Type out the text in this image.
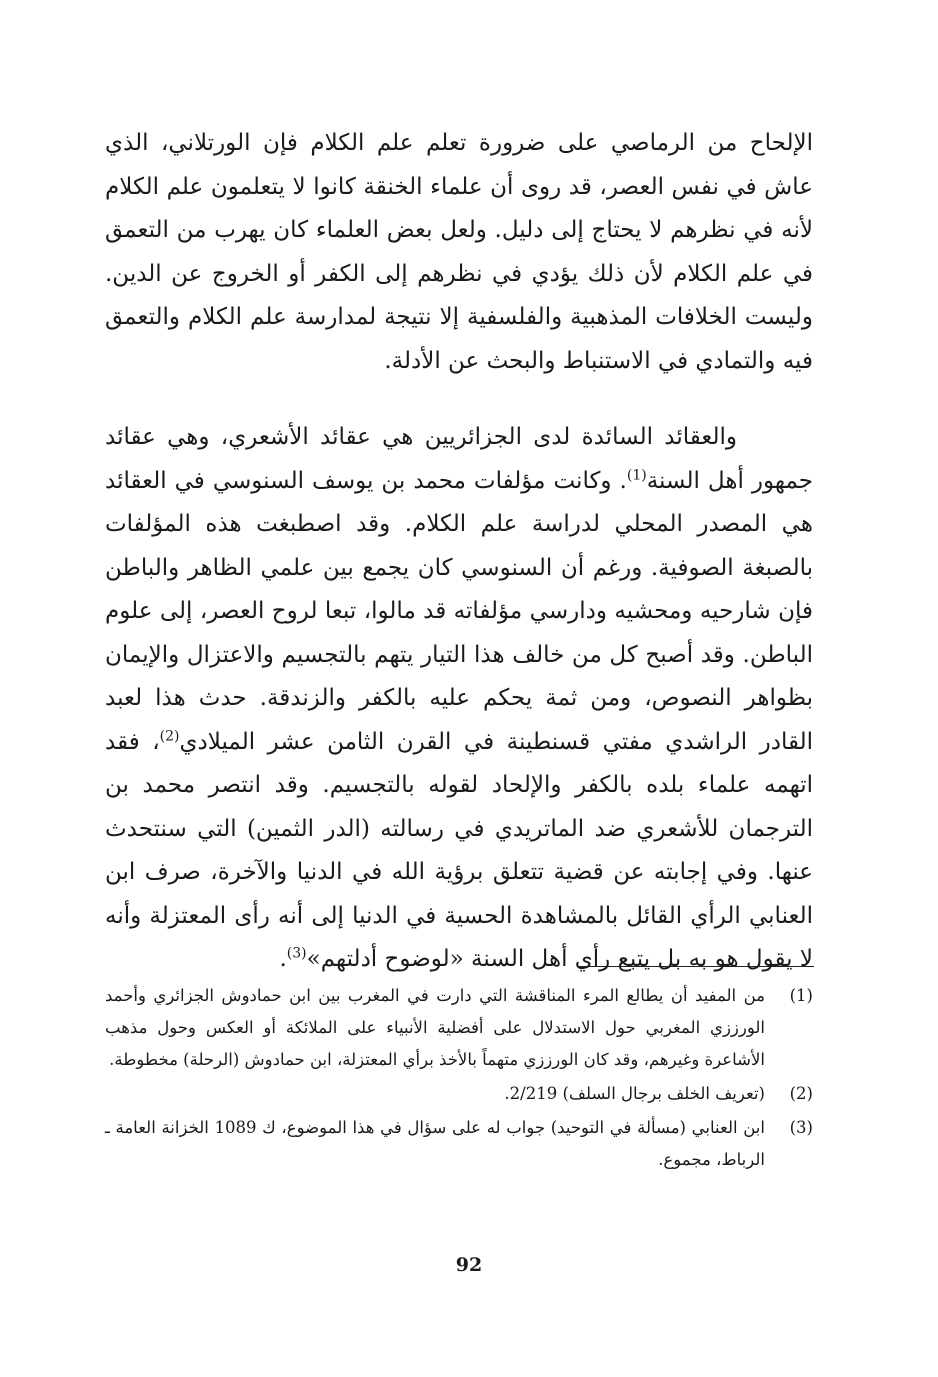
الإلحاح من الرماصي على ضرورة تعلم علم الكلام فإن الورتلاني، الذي عاش في نفس العصر، قد روى أن علماء الخنقة كانوا لا يتعلمون علم الكلام لأنه في نظرهم لا يحتاج إلى دليل. ولعل بعض العلماء كان يهرب من التعمق في علم الكلام لأن ذلك يؤدي في نظرهم إلى الكفر أو الخروج عن الدين. وليست الخلافات المذهبية والفلسفية إلا نتيجة لمدارسة علم الكلام والتعمق فيه والتمادي في الاستنباط والبحث عن الأدلة.

والعقائد السائدة لدى الجزائريين هي عقائد الأشعري، وهي عقائد جمهور أهل السنة$^{(1)}$. وكانت مؤلفات محمد بن يوسف السنوسي في العقائد هي المصدر المحلي لدراسة علم الكلام. وقد اصطبغت هذه المؤلفات بالصبغة الصوفية. ورغم أن السنوسي كان يجمع بين علمي الظاهر والباطن فإن شارحيه ومحشيه ودارسي مؤلفاته قد مالوا، تبعا لروح العصر، إلى علوم الباطن. وقد أصبح كل من خالف هذا التيار يتهم بالتجسيم والاعتزال والإيمان بظواهر النصوص، ومن ثمة يحكم عليه بالكفر والزندقة. حدث هذا لعبد القادر الراشدي مفتي قسنطينة في القرن الثامن عشر الميلادي$^{(2)}$، فقد اتهمه علماء بلده بالكفر والإلحاد لقوله بالتجسيم. وقد انتصر محمد بن الترجمان للأشعري ضد الماتريدي في رسالته (الدر الثمين) التي سنتحدث عنها. وفي إجابته عن قضية تتعلق برؤية الله في الدنيا والآخرة، صرف ابن العنابي الرأي القائل بالمشاهدة الحسية في الدنيا إلى أنه رأى المعتزلة وأنه لا يقول هو به بل يتبع رأي أهل السنة «لوضوح أدلتهم»$^{(3)}$.

(1)
من المفيد أن يطالع المرء المناقشة التي دارت في المغرب بين ابن حمادوش الجزائري وأحمد الورززي المغربي حول الاستدلال على أفضلية الأنبياء على الملائكة أو العكس وحول مذهب الأشاعرة وغيرهم، وقد كان الورززي متهماً بالأخذ برأي المعتزلة، ابن حمادوش (الرحلة) مخطوطة.
(2)
(تعريف الخلف برجال السلف) 2/219.
(3)
ابن العنابي (مسألة في التوحيد) جواب له على سؤال في هذا الموضوع، ك 1089 الخزانة العامة ـ الرباط، مجموع.
92
